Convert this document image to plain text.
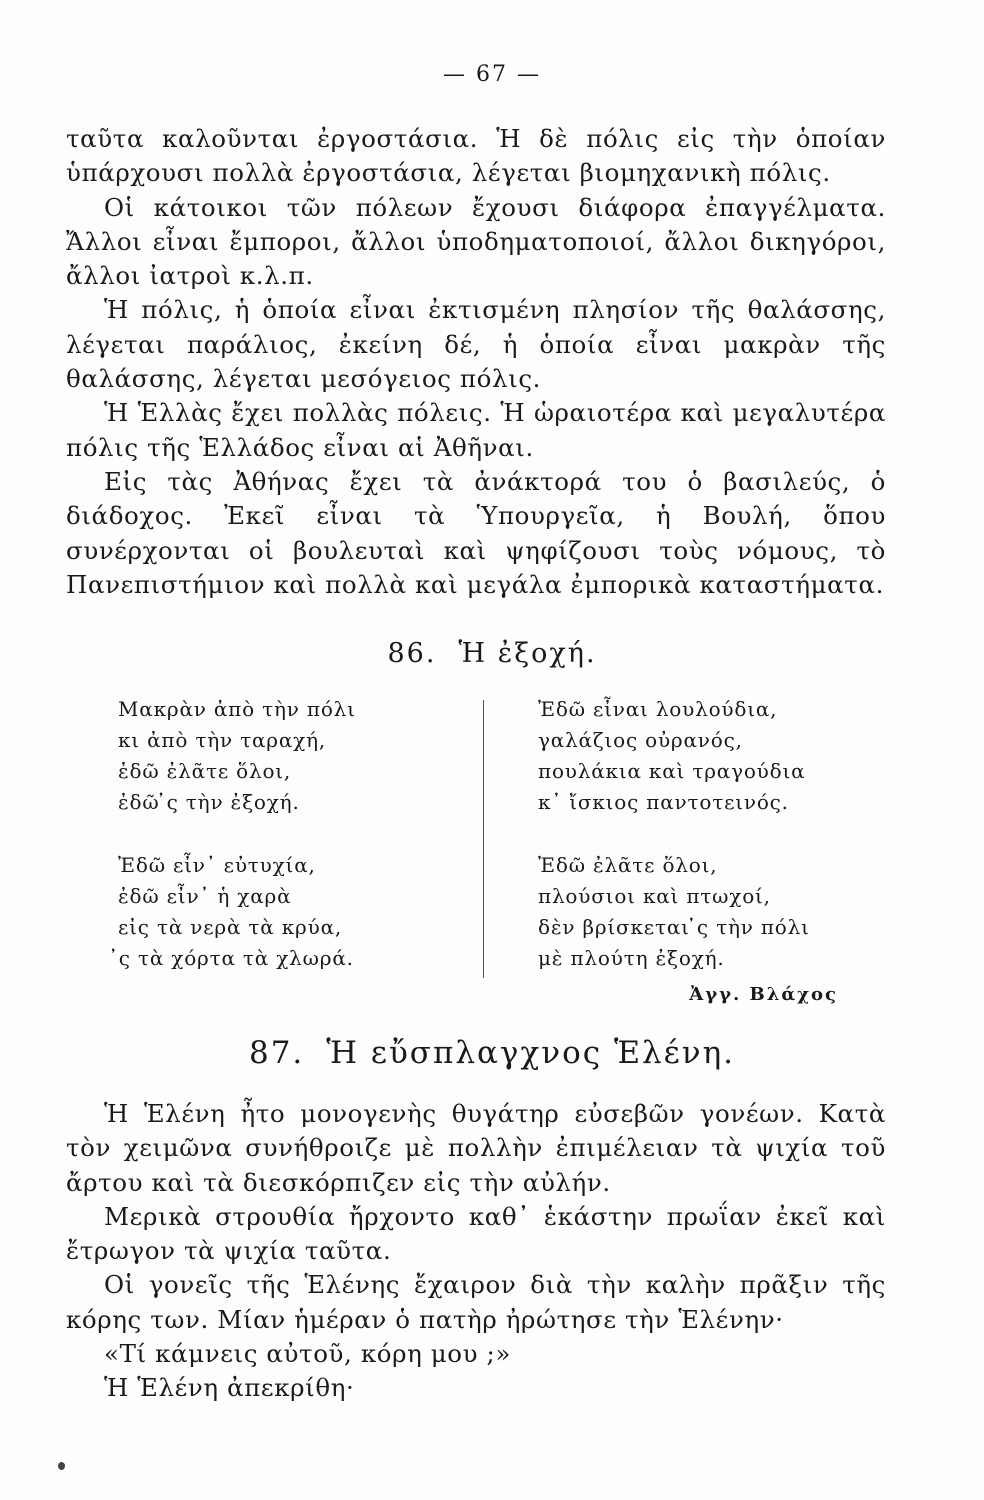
— 67 —

ταῦτα καλοῦνται ἐργοστάσια. Ἡ δὲ πόλις εἰς τὴν ὁποίαν ὑπάρχουσι πολλὰ ἐργοστάσια, λέγεται βιομηχανικὴ πόλις.

Οἱ κάτοικοι τῶν πόλεων ἔχουσι διάφορα ἐπαγγέλματα. Ἄλλοι εἶναι ἔμποροι, ἄλλοι ὑποδηματοποιοί, ἄλλοι δικηγόροι, ἄλλοι ἰατροὶ κ.λ.π.

Ἡ πόλις, ἡ ὁποία εἶναι ἐκτισμένη πλησίον τῆς θαλάσσης, λέγεται παράλιος, ἐκείνη δέ, ἡ ὁποία εἶναι μακρὰν τῆς θαλάσσης, λέγεται μεσόγειος πόλις.

Ἡ Ἑλλὰς ἔχει πολλὰς πόλεις. Ἡ ὡραιοτέρα καὶ μεγαλυτέρα πόλις τῆς Ἑλλάδος εἶναι αἱ Ἀθῆναι.

Εἰς τὰς Ἀθήνας ἔχει τὰ ἀνάκτορά του ὁ βασιλεύς, ὁ διάδοχος. Ἐκεῖ εἶναι τὰ Ὑπουργεῖα, ἡ Βουλή, ὅπου συνέρχονται οἱ βουλευταὶ καὶ ψηφίζουσι τοὺς νόμους, τὸ Πανεπιστήμιον καὶ πολλὰ καὶ μεγάλα ἐμπορικὰ καταστήματα.

86. Ἡ ἐξοχή.
Μακρὰν ἀπὸ τὴν πόλι
κι ἀπὸ τὴν ταραχή,
ἐδῶ ἐλᾶτε ὅλοι,
ἐδῶ ̓ς τὴν ἐξοχή.
Ἐδῶ εἶν᾽ εὐτυχία,
ἐδῶ εἶν᾽ ἡ χαρὰ
εἰς τὰ νερὰ τὰ κρύα,
̓ς τὰ χόρτα τὰ χλωρά.
Ἐδῶ εἶναι λουλούδια,
γαλάζιος οὐρανός,
πουλάκια καὶ τραγούδια
κ᾽ ἴσκιος παντοτεινός.
Ἐδῶ ἐλᾶτε ὅλοι,
πλούσιοι καὶ πτωχοί,
δὲν βρίσκεται ̓ς τὴν πόλι
μὲ πλούτη ἐξοχή.
Ἀγγ. Βλάχος
87. Ἡ εὔσπλαγχνος Ἑλένη.

Ἡ Ἑλένη ἦτο μονογενὴς θυγάτηρ εὐσεβῶν γονέων. Κατὰ τὸν χειμῶνα συνήθροιζε μὲ πολλὴν ἐπιμέλειαν τὰ ψιχία τοῦ ἄρτου καὶ τὰ διεσκόρπιζεν εἰς τὴν αὐλήν.

Μερικὰ στρουθία ἤρχοντο καθ᾽ ἑκάστην πρωΐαν ἐκεῖ καὶ ἔτρωγον τὰ ψιχία ταῦτα.

Οἱ γονεῖς τῆς Ἑλένης ἔχαιρον διὰ τὴν καλὴν πρᾶξιν τῆς κόρης των. Μίαν ἡμέραν ὁ πατὴρ ἠρώτησε τὴν Ἑλένην·

«Τί κάμνεις αὐτοῦ, κόρη μου ;»

Ἡ Ἑλένη ἀπεκρίθη·
